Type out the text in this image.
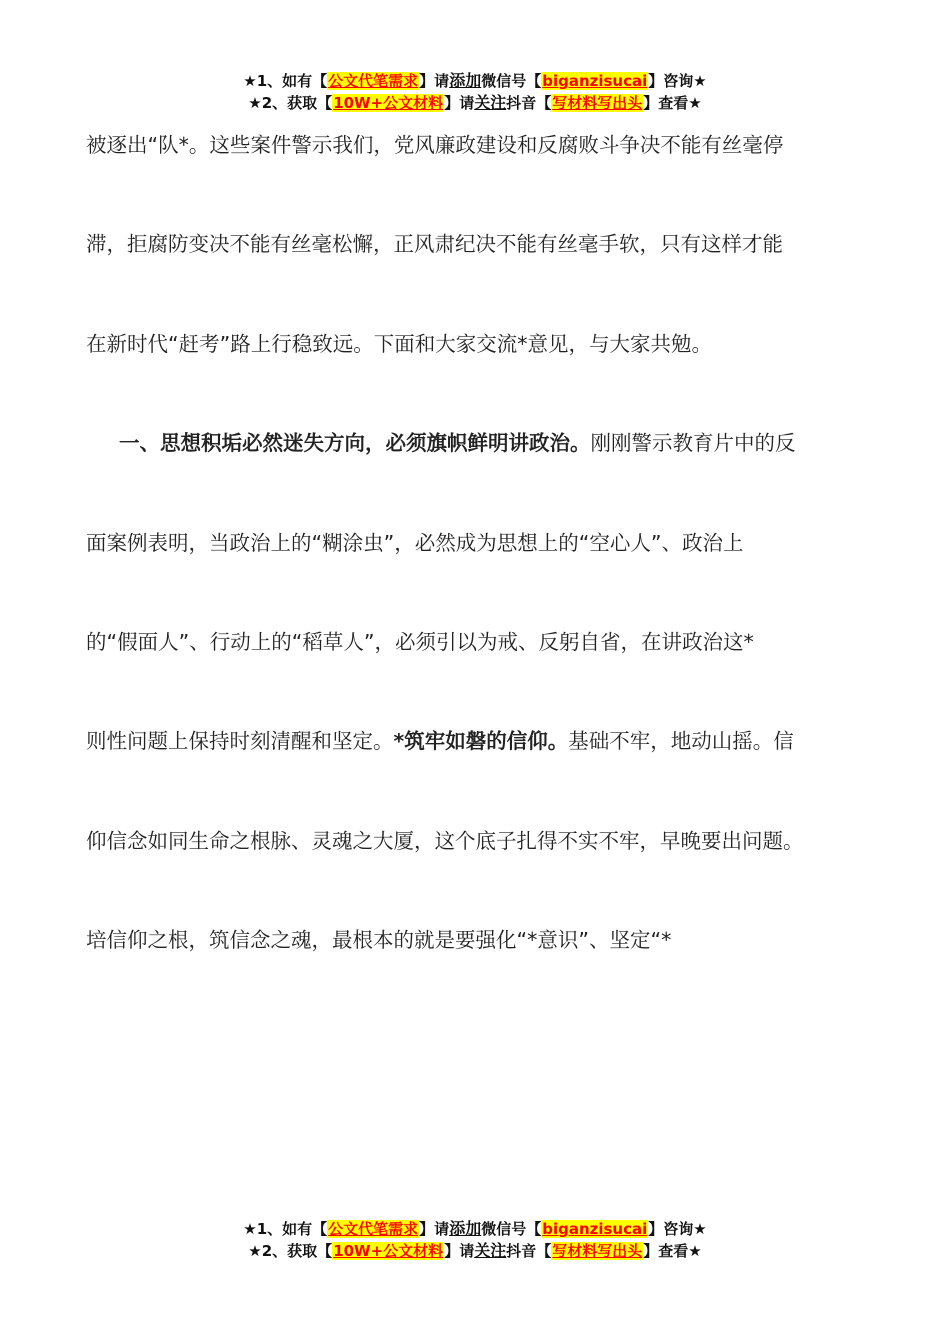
★1、如有【公文代笔需求】请添加微信号【biganzisucai】咨询★
★2、获取【10W+公文材料】请关注抖音【写材料写出头】查看★
被逐出“队*。这些案件警示我们，党风廉政建设和反腐败斗争决不能有丝毫停
滞，拒腐防变决不能有丝毫松懈，正风肃纪决不能有丝毫手软，只有这样才能
在新时代“赶考”路上行稳致远。下面和大家交流*意见，与大家共勉。
一、思想积垢必然迷失方向，必须旗帜鲜明讲政治。刚刚警示教育片中的反
面案例表明，当政治上的“糊涂虫”，必然成为思想上的“空心人”、政治上
的“假面人”、行动上的“稻草人”，必须引以为戒、反躬自省，在讲政治这*
则性问题上保持时刻清醒和坚定。*筑牢如磐的信仰。基础不牢，地动山摇。信
仰信念如同生命之根脉、灵魂之大厦，这个底子扎得不实不牢，早晚要出问题。
培信仰之根，筑信念之魂，最根本的就是要强化“*意识”、坚定“*
★1、如有【公文代笔需求】请添加微信号【biganzisucai】咨询★
★2、获取【10W+公文材料】请关注抖音【写材料写出头】查看★
